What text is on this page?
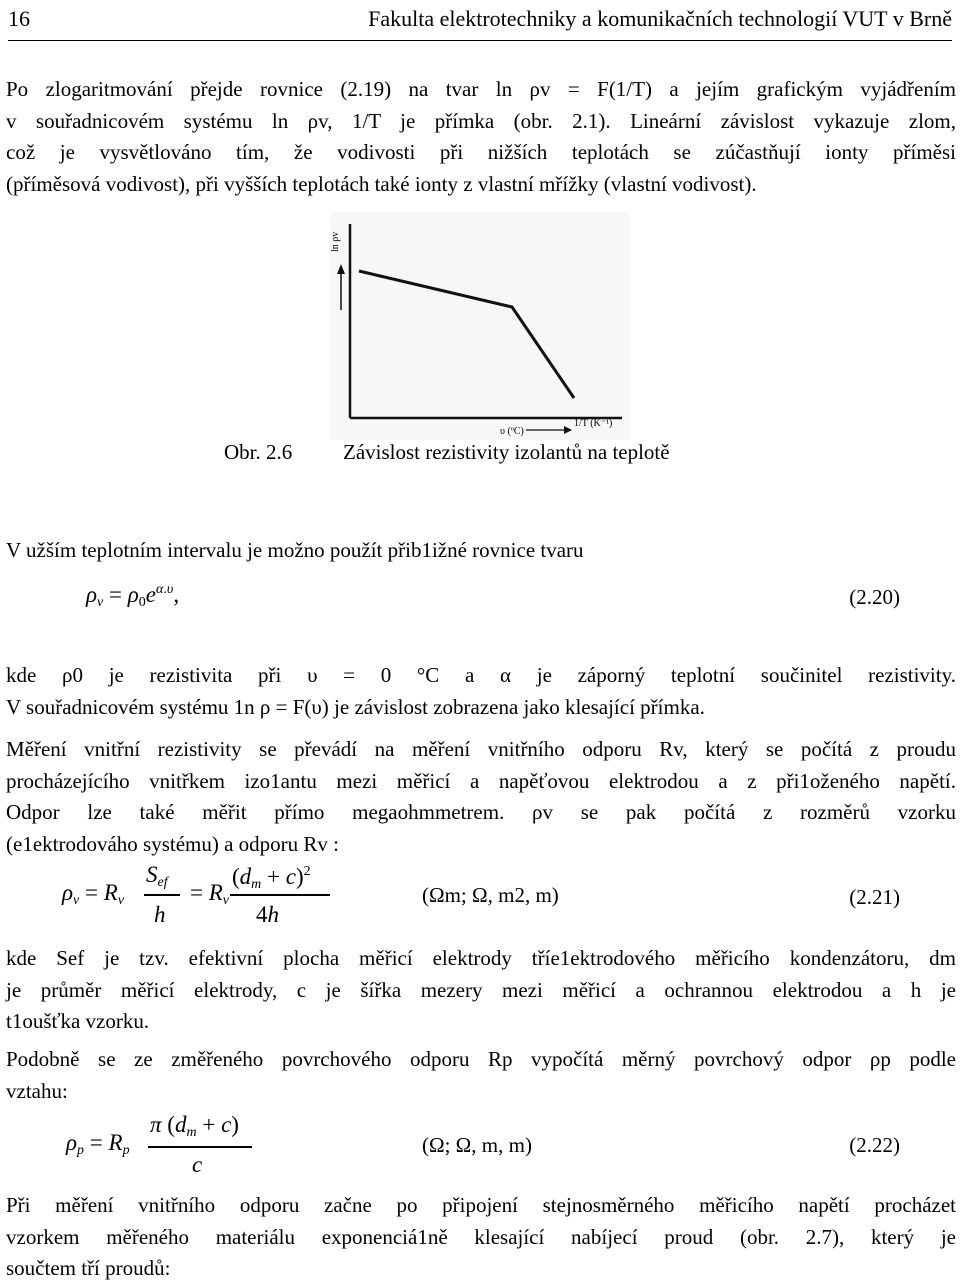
16	Fakulta elektrotechniky a komunikačních technologií VUT v Brně
Po zlogaritmování přejde rovnice (2.19) na tvar ln ρv = F(1/T) a jejím grafickým vyjádřením
v souřadnicovém systému ln ρv, 1/T je přímka (obr. 2.1). Lineární závislost vykazuje zlom,
což je vysvětlováno tím, že vodivosti při nižších teplotách se zúčastňují ionty příměsi
(příměsová vodivost), při vyšších teplotách také ionty z vlastní mřížky (vlastní vodivost).
ln ρv
υ (ºC)
1/T (K⁻¹)
Obr. 2.6 Závislost rezistivity izolantů na teplotě
V užším teplotním intervalu je možno použít přib1ižné rovnice tvaru
$\rho_v = \rho_0e^{\alpha.\upsilon}$,	(2.20)
kde ρ0 je rezistivita při υ = 0 °C a α je záporný teplotní součinitel rezistivity.
V souřadnicovém systému 1n ρ = F(υ) je závislost zobrazena jako klesající přímka.
Měření vnitřní rezistivity se převádí na měření vnitřního odporu Rv, který se počítá z proudu
procházejícího vnitřkem izo1antu mezi měřicí a napěťovou elektrodou a z při1oženého napětí.
Odpor lze také měřit přímo megaohmmetrem. ρv se pak počítá z rozměrů vzorku
(e1ektrodováho systému) a odporu Rv :
$\rho_v = R_v$
$S_{ef}$
h
= $R_v$
$(d_m + c)^2$
4h
(Ωm; Ω, m2, m)	(2.21)
kde Sef je tzv. efektivní plocha měřicí elektrody tříe1ektrodového měřicího kondenzátoru, dm
je průměr měřicí elektrody, c je šířka mezery mezi měřicí a ochrannou elektrodou a h je
t1oušťka vzorku.
Podobně se ze změřeného povrchového odporu Rp vypočítá měrný povrchový odpor ρp podle
vztahu:
$\rho_p = R_p$
π $(d_m + c)$
c
(Ω; Ω, m, m)	(2.22)
Při měření vnitřního odporu začne po připojení stejnosměrného měřicího napětí procházet
vzorkem měřeného materiálu exponenciá1ně klesající nabíjecí proud (obr. 2.7), který je
součtem tří proudů:
